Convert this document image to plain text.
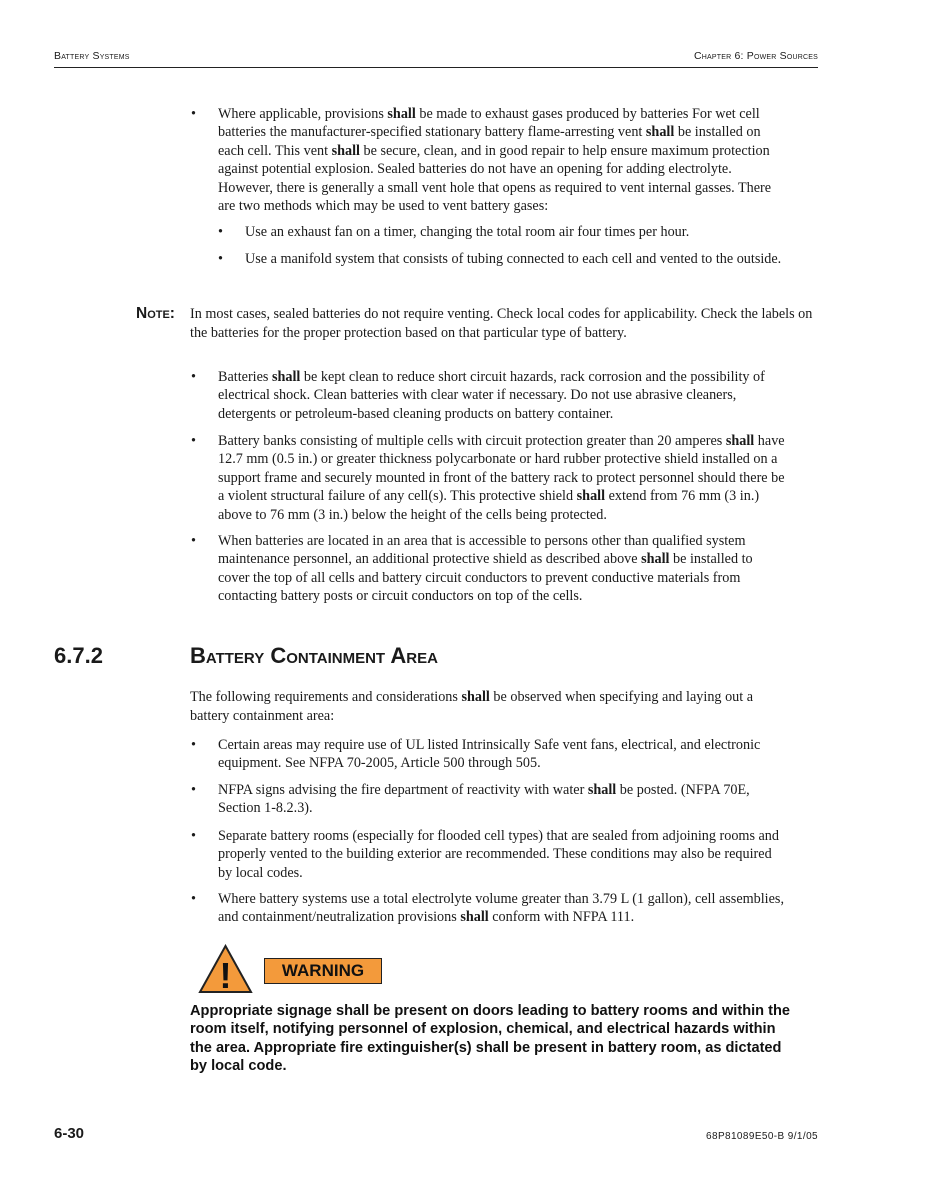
Battery Systems	Chapter 6: Power Sources
• Where applicable, provisions shall be made to exhaust gases produced by batteries For wet cell
batteries the manufacturer-specified stationary battery flame-arresting vent shall be installed on
each cell. This vent shall be secure, clean, and in good repair to help ensure maximum protection
against potential explosion. Sealed batteries do not have an opening for adding electrolyte.
However, there is generally a small vent hole that opens as required to vent internal gasses. There
are two methods which may be used to vent battery gases:
• Use an exhaust fan on a timer, changing the total room air four times per hour.
• Use a manifold system that consists of tubing connected to each cell and vented to the outside.
Note: In most cases, sealed batteries do not require venting. Check local codes for applicability. Check the labels on the batteries for the proper protection based on that particular type of battery.
• Batteries shall be kept clean to reduce short circuit hazards, rack corrosion and the possibility of
electrical shock. Clean batteries with clear water if necessary. Do not use abrasive cleaners,
detergents or petroleum-based cleaning products on battery container.
• Battery banks consisting of multiple cells with circuit protection greater than 20 amperes shall have
12.7 mm (0.5 in.) or greater thickness polycarbonate or hard rubber protective shield installed on a
support frame and securely mounted in front of the battery rack to protect personnel should there be
a violent structural failure of any cell(s). This protective shield shall extend from 76 mm (3 in.)
above to 76 mm (3 in.) below the height of the cells being protected.
• When batteries are located in an area that is accessible to persons other than qualified system
maintenance personnel, an additional protective shield as described above shall be installed to
cover the top of all cells and battery circuit conductors to prevent conductive materials from
contacting battery posts or circuit conductors on top of the cells.
6.7.2	Battery Containment Area
The following requirements and considerations shall be observed when specifying and laying out a
battery containment area:
• Certain areas may require use of UL listed Intrinsically Safe vent fans, electrical, and electronic
equipment. See NFPA 70-2005, Article 500 through 505.
• NFPA signs advising the fire department of reactivity with water shall be posted. (NFPA 70E,
Section 1-8.2.3).
• Separate battery rooms (especially for flooded cell types) that are sealed from adjoining rooms and
properly vented to the building exterior are recommended. These conditions may also be required
by local codes.
• Where battery systems use a total electrolyte volume greater than 3.79 L (1 gallon), cell assemblies,
and containment/neutralization provisions shall conform with NFPA 111.
!	WARNING
Appropriate signage shall be present on doors leading to battery rooms and within the
room itself, notifying personnel of explosion, chemical, and electrical hazards within
the area. Appropriate fire extinguisher(s) shall be present in battery room, as dictated
by local code.
6-30	68P81089E50-B 9/1/05
